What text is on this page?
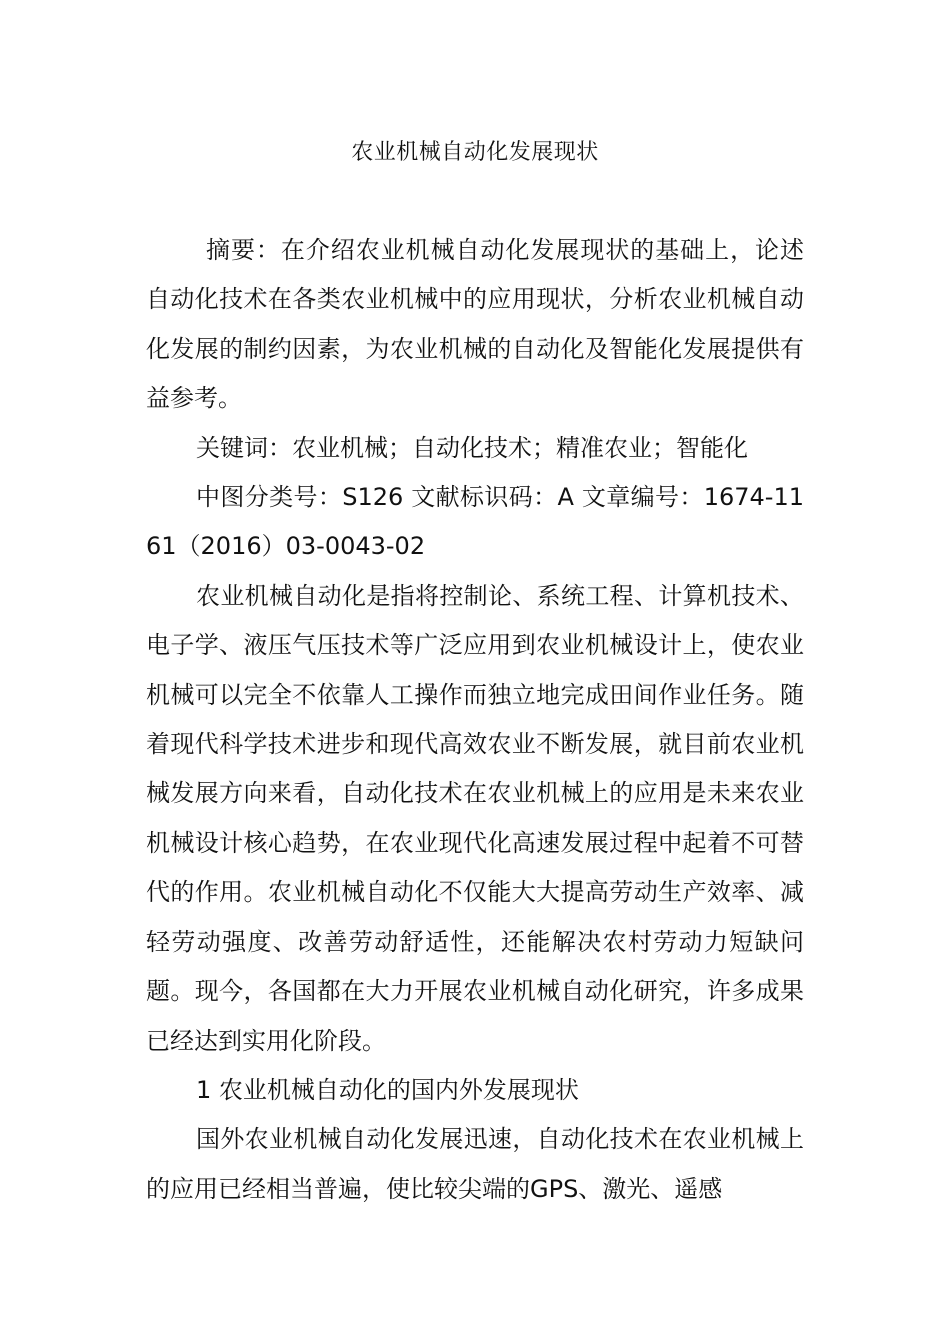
农业机械自动化发展现状

摘要：在介绍农业机械自动化发展现状的基础上，论述自动化技术在各类农业机械中的应用现状，分析农业机械自动化发展的制约因素，为农业机械的自动化及智能化发展提供有益参考。

关键词：农业机械；自动化技术；精准农业；智能化

中图分类号：S126 文献标识码：A 文章编号：1674-1161（2016）03-0043-02

农业机械自动化是指将控制论、系统工程、计算机技术、电子学、液压气压技术等广泛应用到农业机械设计上，使农业机械可以完全不依靠人工操作而独立地完成田间作业任务。随着现代科学技术进步和现代高效农业不断发展，就目前农业机械发展方向来看，自动化技术在农业机械上的应用是未来农业机械设计核心趋势，在农业现代化高速发展过程中起着不可替代的作用。农业机械自动化不仅能大大提高劳动生产效率、减轻劳动强度、改善劳动舒适性，还能解决农村劳动力短缺问题。现今，各国都在大力开展农业机械自动化研究，许多成果已经达到实用化阶段。

1 农业机械自动化的国内外发展现状

国外农业机械自动化发展迅速，自动化技术在农业机械上的应用已经相当普遍，使比较尖端的GPS、激光、遥感
